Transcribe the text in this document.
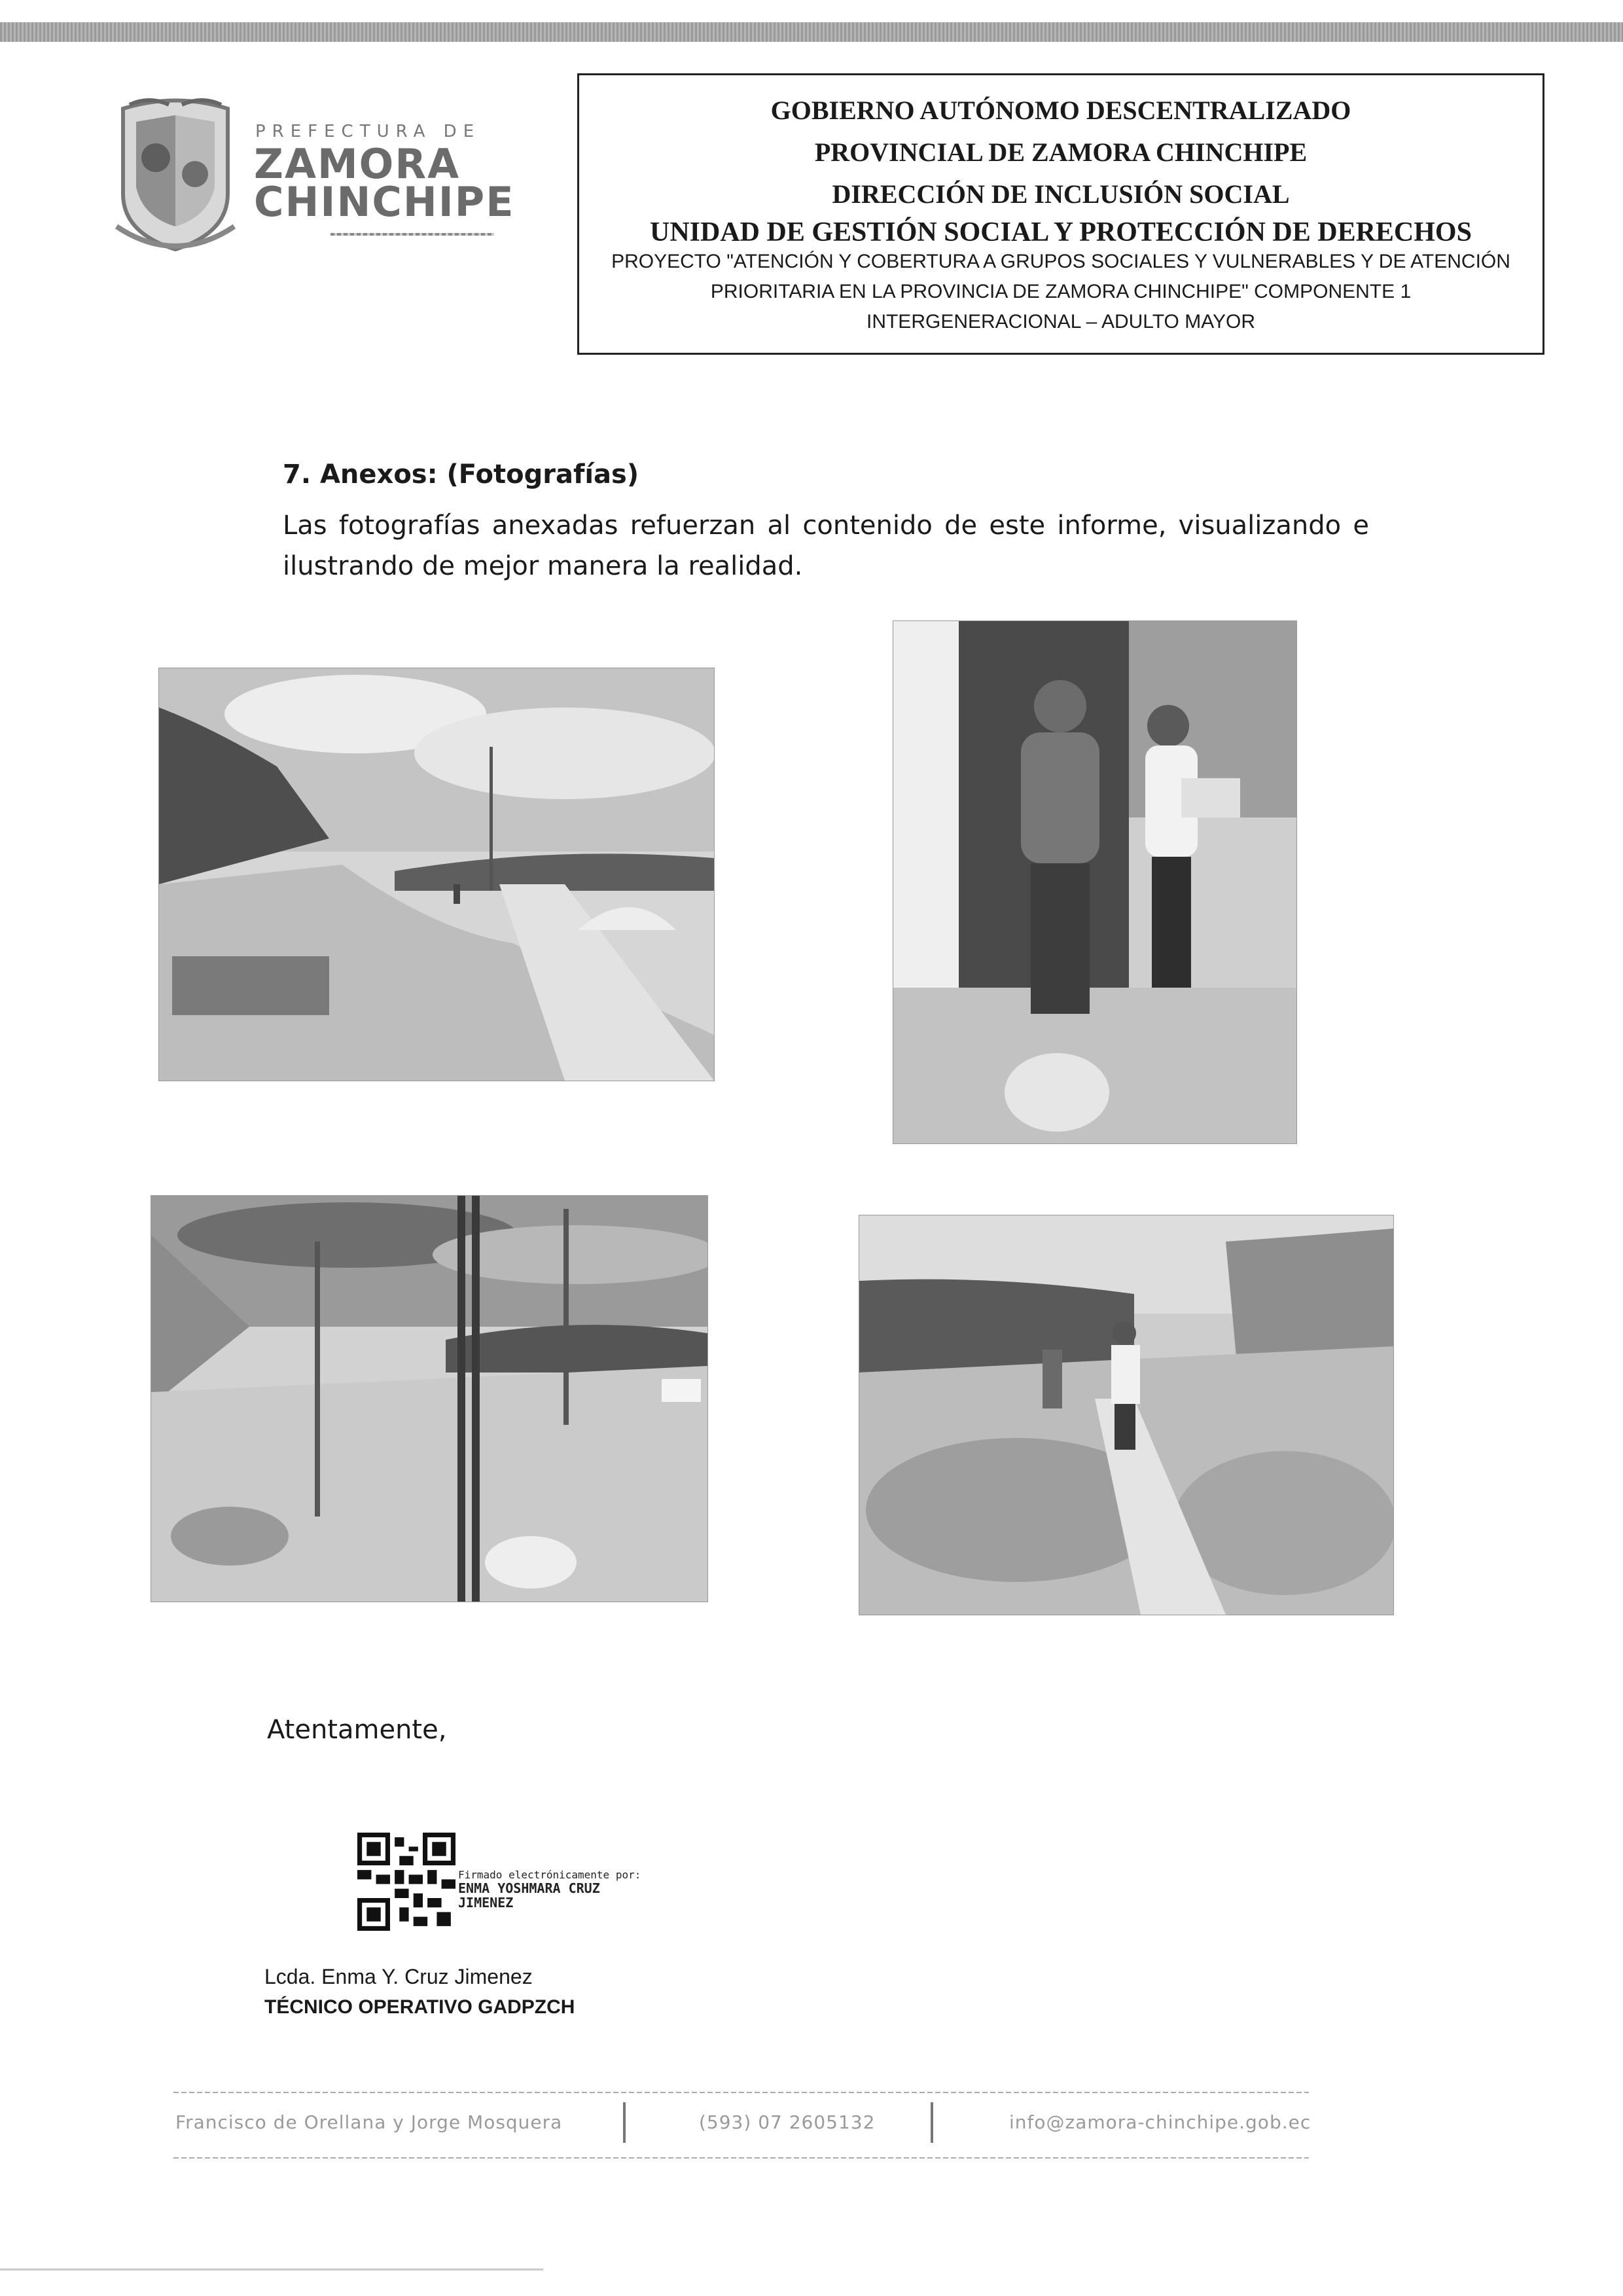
PREFECTURA DE
ZAMORA
CHINCHIPE
GOBIERNO AUTÓNOMO DESCENTRALIZADO
PROVINCIAL DE ZAMORA CHINCHIPE
DIRECCIÓN DE INCLUSIÓN SOCIAL
UNIDAD DE GESTIÓN SOCIAL Y PROTECCIÓN DE DERECHOS
PROYECTO "ATENCIÓN Y COBERTURA A GRUPOS SOCIALES Y VULNERABLES Y DE ATENCIÓN
PRIORITARIA EN LA PROVINCIA DE ZAMORA CHINCHIPE" COMPONENTE 1
INTERGENERACIONAL – ADULTO MAYOR
7. Anexos: (Fotografías)
Las fotografías anexadas refuerzan al contenido de este informe, visualizando e ilustrando de mejor manera la realidad.
Atentamente,
Firmado electrónicamente por:
ENMA YOSHMARA CRUZ
JIMENEZ
Lcda. Enma Y. Cruz Jimenez
TÉCNICO OPERATIVO GADPZCH
Francisco de Orellana y Jorge Mosquera	(593) 07 2605132	info@zamora-chinchipe.gob.ec
